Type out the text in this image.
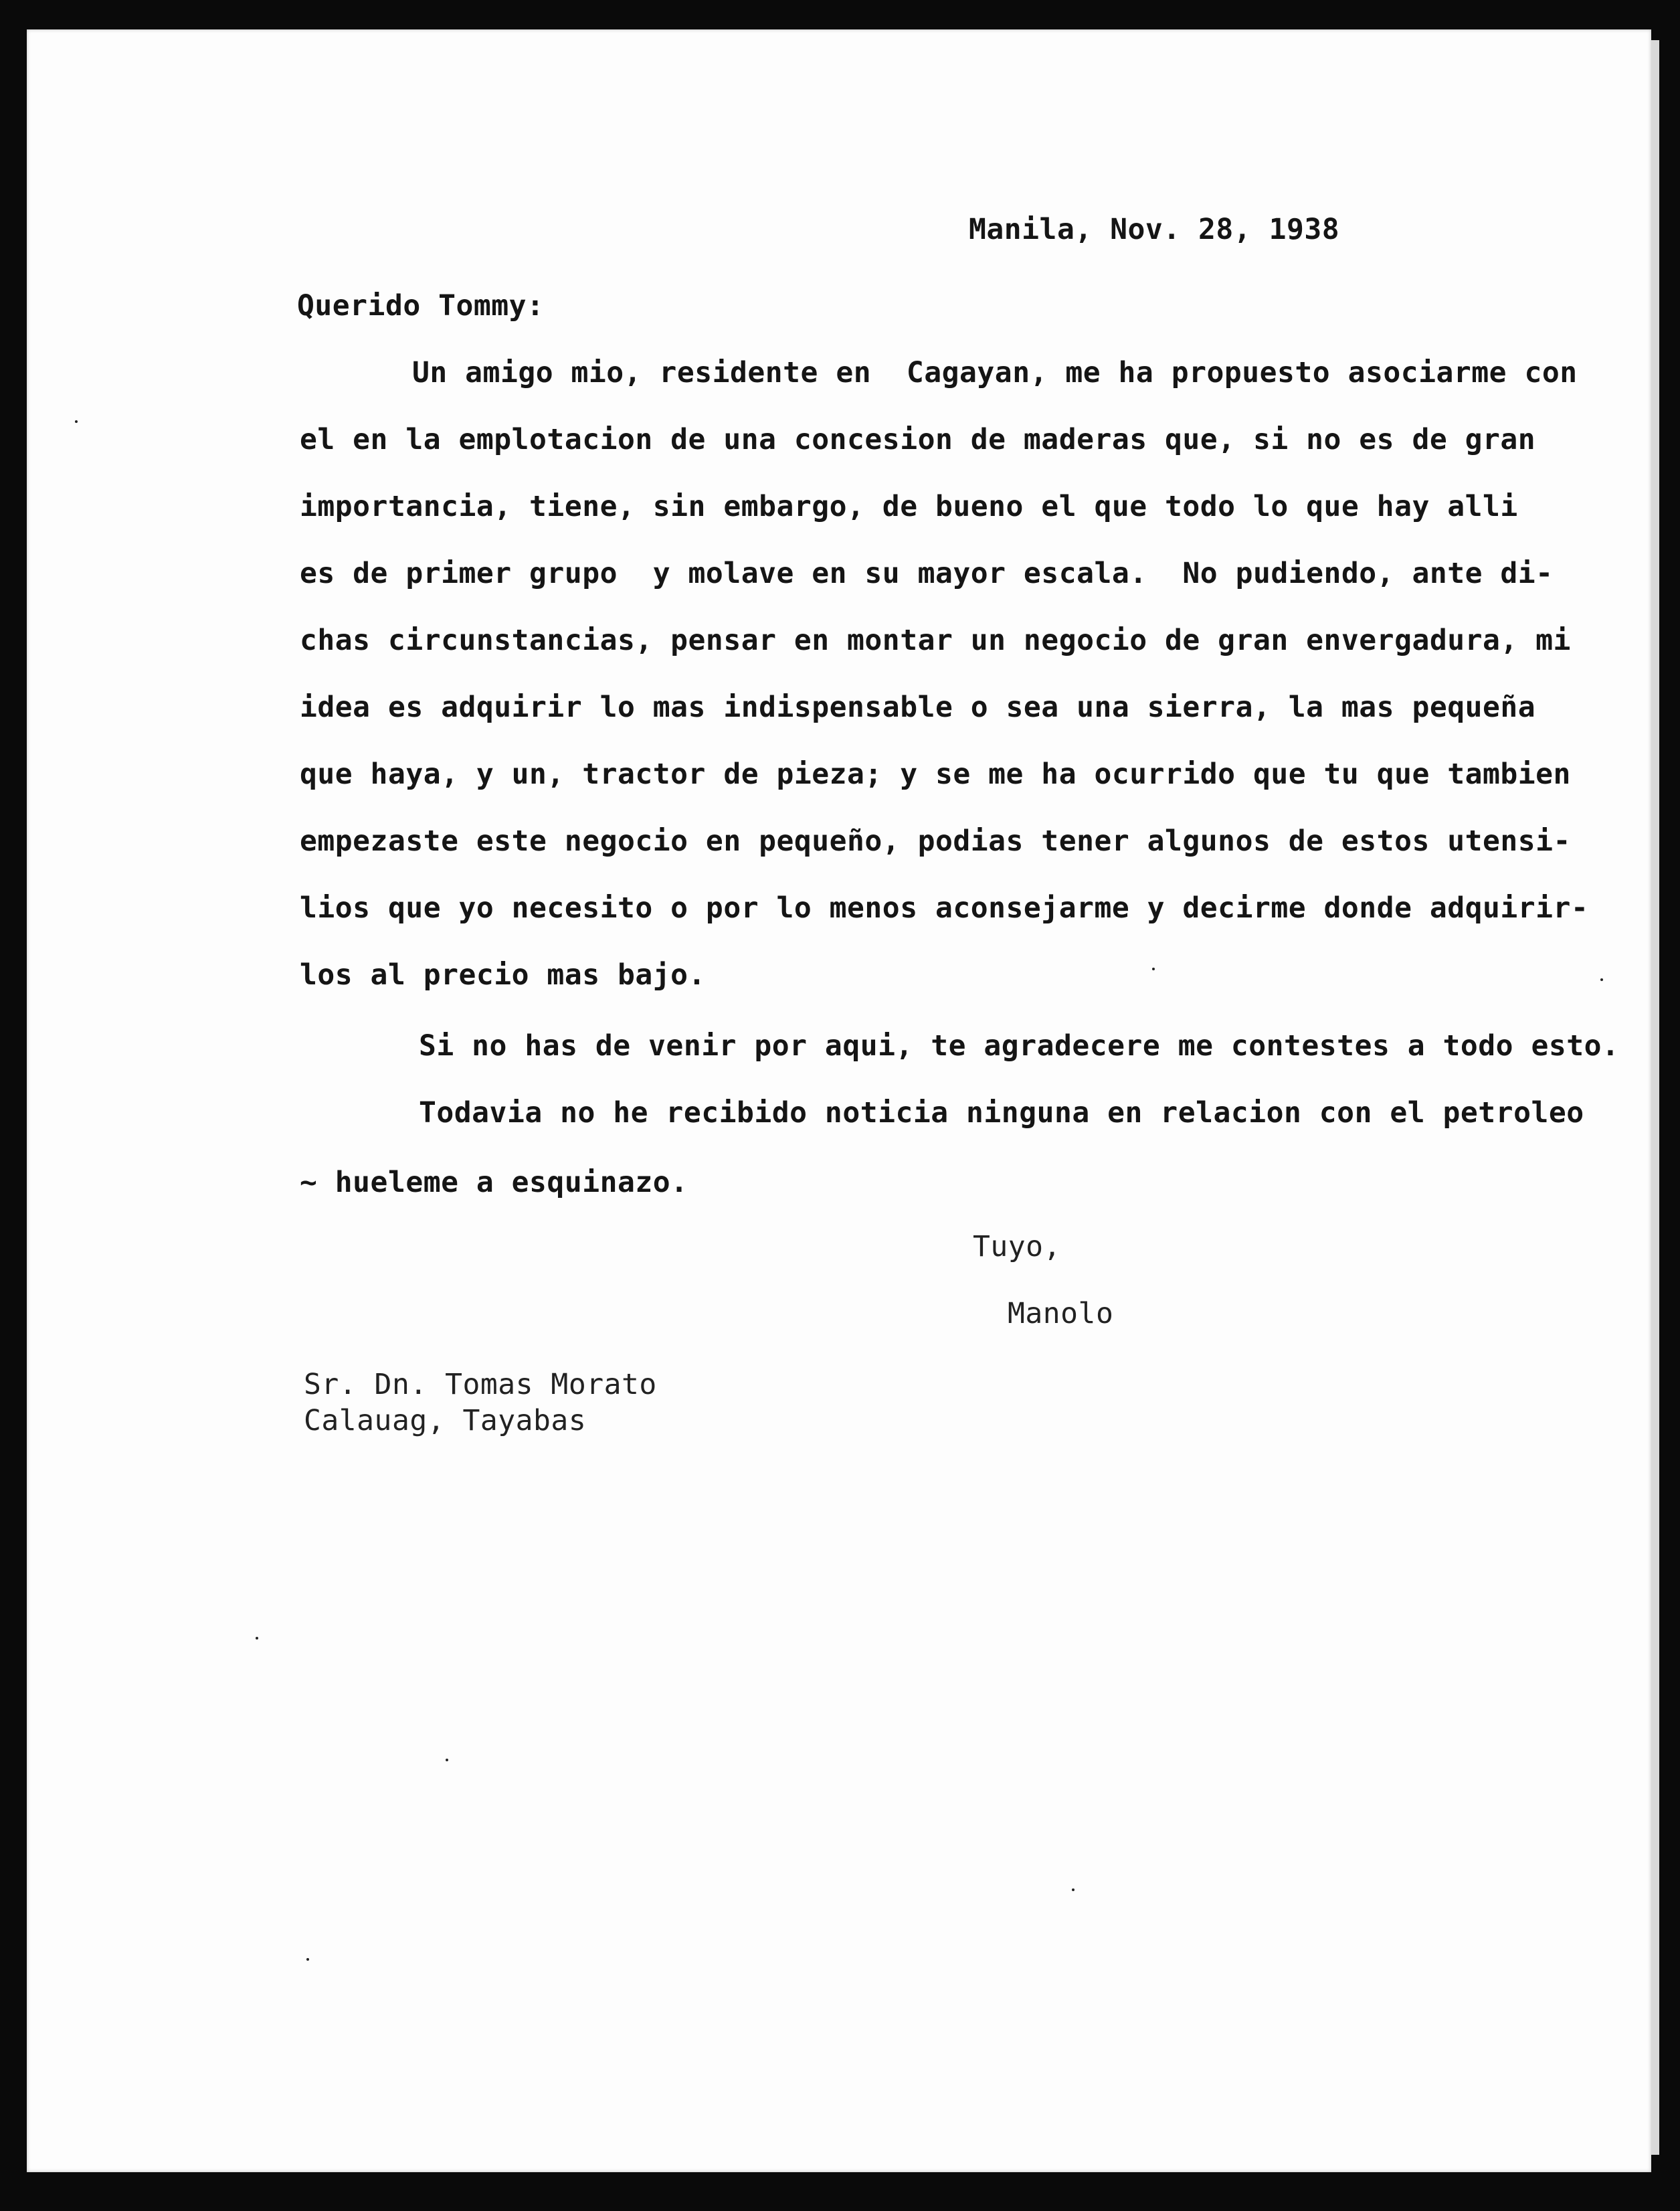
Manila, Nov. 28, 1938
Querido Tommy:
Un amigo mio, residente en  Cagayan, me ha propuesto asociarme con
el en la emplotacion de una concesion de maderas que, si no es de gran
importancia, tiene, sin embargo, de bueno el que todo lo que hay alli
es de primer grupo  y molave en su mayor escala.  No pudiendo, ante di-
chas circunstancias, pensar en montar un negocio de gran envergadura, mi
idea es adquirir lo mas indispensable o sea una sierra, la mas pequeña
que haya, y un, tractor de pieza; y se me ha ocurrido que tu que tambien
empezaste este negocio en pequeño, podias tener algunos de estos utensi-
lios que yo necesito o por lo menos aconsejarme y decirme donde adquirir-
los al precio mas bajo.
Si no has de venir por aqui, te agradecere me contestes a todo esto.
Todavia no he recibido noticia ninguna en relacion con el petroleo
~ hueleme a esquinazo.
Tuyo,
Manolo
Sr. Dn. Tomas Morato
Calauag, Tayabas
